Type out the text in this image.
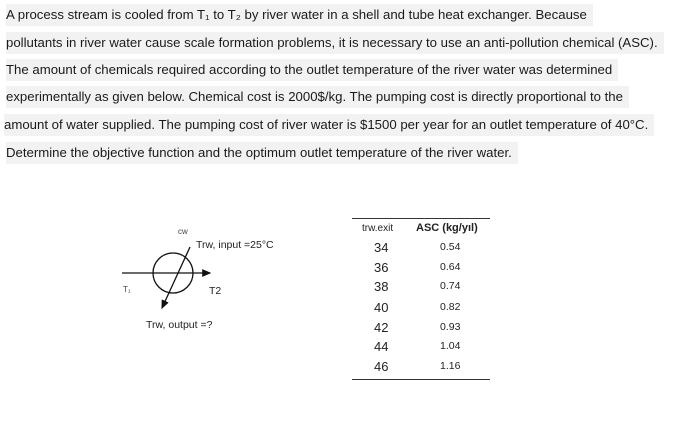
A process stream is cooled from T₁ to T₂ by river water in a shell and tube heat exchanger. Because
pollutants in river water cause scale formation problems, it is necessary to use an anti-pollution chemical (ASC).
The amount of chemicals required according to the outlet temperature of the river water was determined
experimentally as given below. Chemical cost is 2000$/kg. The pumping cost is directly proportional to the
amount of water supplied. The pumping cost of river water is $1500 per year for an outlet temperature of 40°C.
Determine the objective function and the optimum outlet temperature of the river water.
cw
Trw, input =25°C
T₁	T2
Trw, output =?
trw.exit ASC (kg/yıl)
34	0.54
36	0.64
38	0.74
40	0.82
42	0.93
44	1.04
46	1.16
